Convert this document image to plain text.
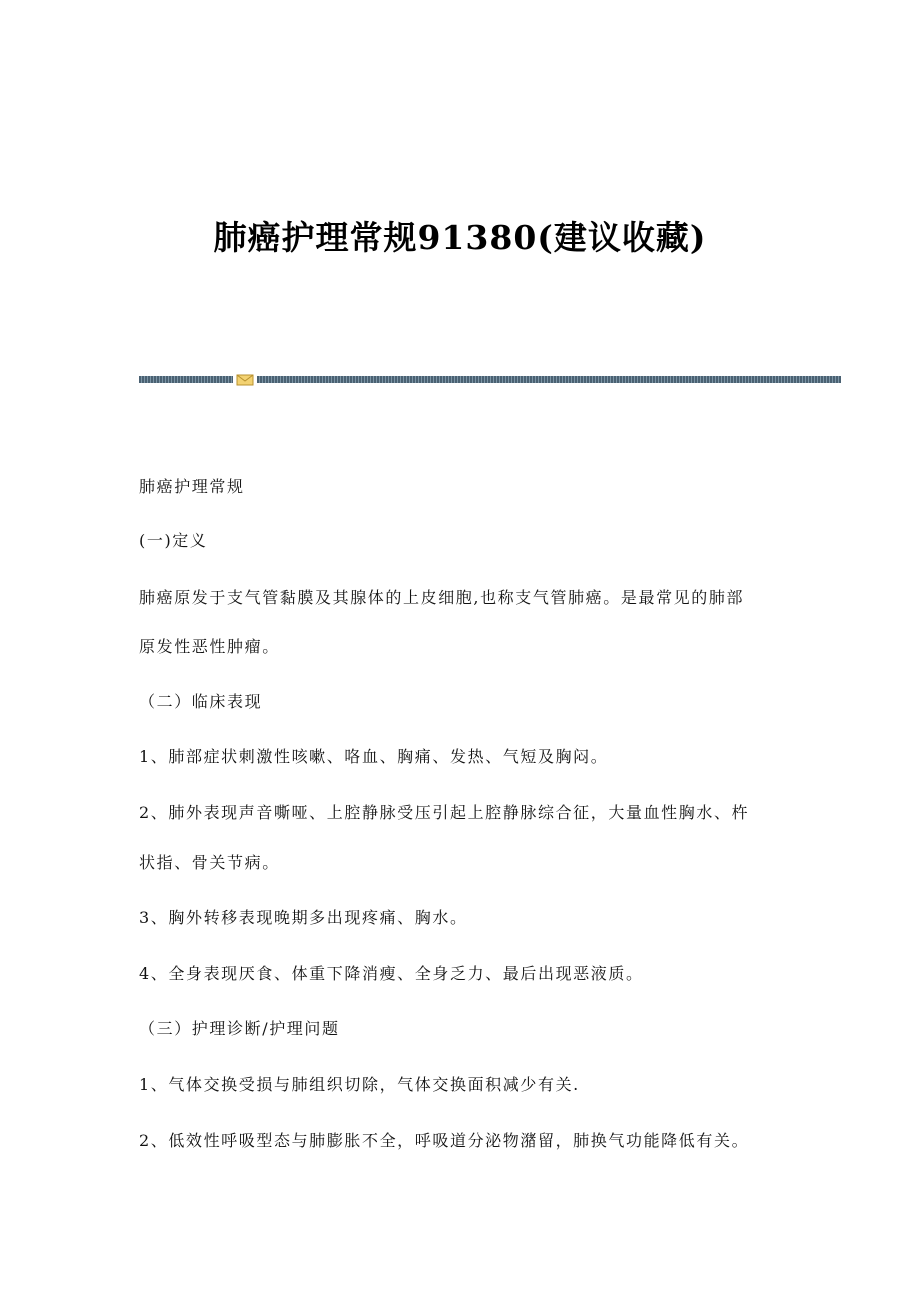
肺癌护理常规91380(建议收藏)

肺癌护理常规

(一)定义

肺癌原发于支气管黏膜及其腺体的上皮细胞,也称支气管肺癌。是最常见的肺部

原发性恶性肿瘤。

（二）临床表现

1、肺部症状刺激性咳嗽、咯血、胸痛、发热、气短及胸闷。

2、肺外表现声音嘶哑、上腔静脉受压引起上腔静脉综合征，大量血性胸水、杵

状指、骨关节病。

3、胸外转移表现晚期多出现疼痛、胸水。

4、全身表现厌食、体重下降消瘦、全身乏力、最后出现恶液质。

（三）护理诊断/护理问题

1、气体交换受损与肺组织切除，气体交换面积减少有关.

2、低效性呼吸型态与肺膨胀不全，呼吸道分泌物潴留，肺换气功能降低有关。
